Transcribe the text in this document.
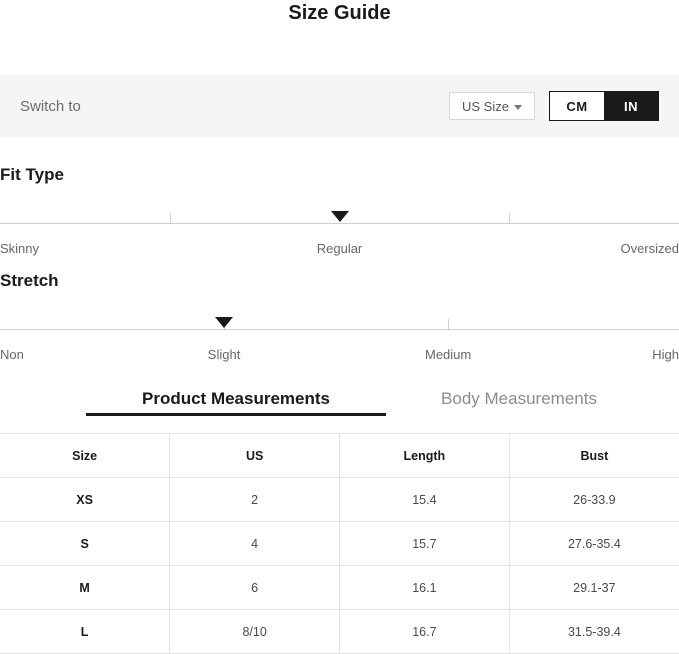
Size Guide
Switch to	US Size	CM	IN
Fit Type
Skinny	Regular	Oversized
Stretch
Non	Slight	Medium	High
Product Measurements	Body Measurements
Size	US	Length	Bust
XS	2	15.4	26-33.9
S	4	15.7	27.6-35.4
M	6	16.1	29.1-37
L	8/10	16.7	31.5-39.4
